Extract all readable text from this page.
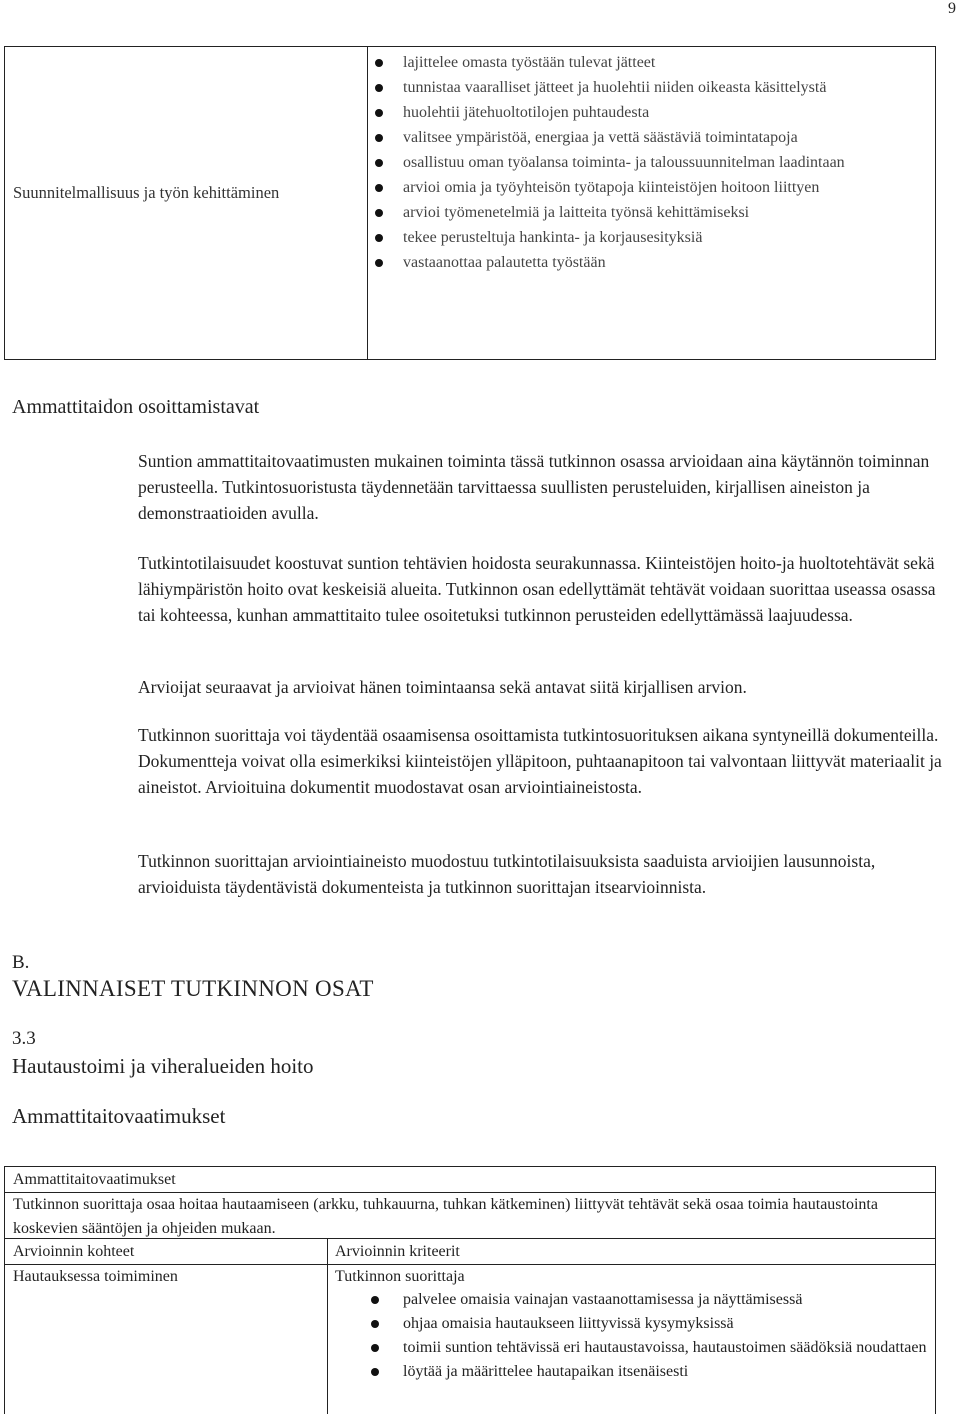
9
Suunnitelmallisuus ja työn kehittäminen
lajittelee omasta työstään tulevat jätteet
tunnistaa vaaralliset jätteet ja huolehtii niiden oikeasta käsittelystä
huolehtii jätehuoltotilojen puhtaudesta
valitsee ympäristöä, energiaa ja vettä säästäviä toimintatapoja
osallistuu oman työalansa toiminta- ja taloussuunnitelman laadintaan
arvioi omia ja työyhteisön työtapoja kiinteistöjen hoitoon liittyen
arvioi työmenetelmiä ja laitteita työnsä kehittämiseksi
tekee perusteltuja hankinta- ja korjausesityksiä
vastaanottaa palautetta työstään
Ammattitaidon osoittamistavat

Suntion ammattitaitovaatimusten mukainen toiminta tässä tutkinnon osassa arvioidaan aina käytännön toiminnan perusteella. Tutkintosuoristusta täydennetään tarvittaessa suullisten perusteluiden, kirjallisen aineiston ja demonstraatioiden avulla.

Tutkintotilaisuudet koostuvat suntion tehtävien hoidosta seurakunnassa. Kiinteistöjen hoito-ja huoltotehtävät sekä lähiympäristön hoito ovat keskeisiä alueita. Tutkinnon osan edellyttämät tehtävät voidaan suorittaa useassa osassa tai kohteessa, kunhan ammattitaito tulee osoitetuksi tutkinnon perusteiden edellyttämässä laajuudessa.

Arvioijat seuraavat ja arvioivat hänen toimintaansa sekä antavat siitä kirjallisen arvion.

Tutkinnon suorittaja voi täydentää osaamisensa osoittamista tutkintosuorituksen aikana syntyneillä dokumenteilla. Dokumentteja voivat olla esimerkiksi kiinteistöjen ylläpitoon, puhtaanapitoon tai valvontaan liittyvät materiaalit ja aineistot. Arvioituina dokumentit muodostavat osan arviointiaineistosta.

Tutkinnon suorittajan arviointiaineisto muodostuu tutkintotilaisuuksista saaduista arvioijien lausunnoista, arvioiduista täydentävistä dokumenteista ja tutkinnon suorittajan itsearvioinnista.

B.
VALINNAISET TUTKINNON OSAT
3.3
Hautaustoimi ja viheralueiden hoito
Ammattitaitovaatimukset
Ammattitaitovaatimukset
Tutkinnon suorittaja osaa hoitaa hautaamiseen (arkku, tuhkauurna, tuhkan kätkeminen) liittyvät tehtävät sekä osaa toimia hautaustointa koskevien sääntöjen ja ohjeiden mukaan.
Arvioinnin kohteet	Arvioinnin kriteerit
Hautauksessa toimiminen	Tutkinnon suorittaja
palvelee omaisia vainajan vastaanottamisessa ja näyttämisessä
ohjaa omaisia hautaukseen liittyvissä kysymyksissä
toimii suntion tehtävissä eri hautaustavoissa, hautaustoimen säädöksiä noudattaen
löytää ja määrittelee hautapaikan itsenäisesti
